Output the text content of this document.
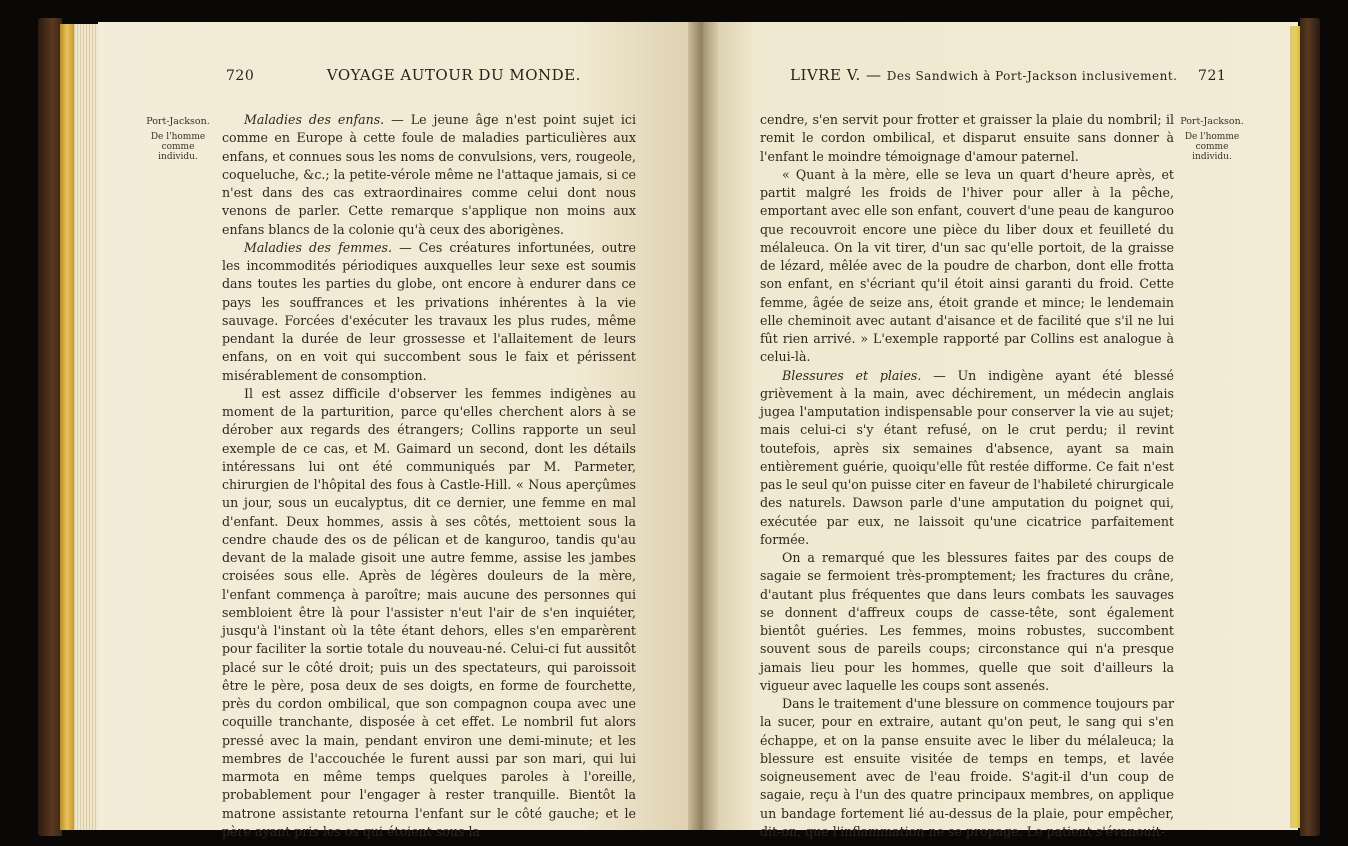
720	VOYAGE AUTOUR DU MONDE.
Port-Jackson.
De l'homme comme individu.

Maladies des enfans. — Le jeune âge n'est point sujet ici comme en Europe à cette foule de maladies particulières aux enfans, et connues sous les noms de convulsions, vers, rougeole, coqueluche, &c.; la petite-vérole même ne l'attaque jamais, si ce n'est dans des cas extraordinaires comme celui dont nous venons de parler. Cette remarque s'applique non moins aux enfans blancs de la colonie qu'à ceux des aborigènes.

Maladies des femmes. — Ces créatures infortunées, outre les incommodités périodiques auxquelles leur sexe est soumis dans toutes les parties du globe, ont encore à endurer dans ce pays les souffrances et les privations inhérentes à la vie sauvage. Forcées d'exécuter les travaux les plus rudes, même pendant la durée de leur grossesse et l'allaitement de leurs enfans, on en voit qui succombent sous le faix et périssent misérablement de consomption.

Il est assez difficile d'observer les femmes indigènes au moment de la parturition, parce qu'elles cherchent alors à se dérober aux regards des étrangers; Collins rapporte un seul exemple de ce cas, et M. Gaimard un second, dont les détails intéressans lui ont été communiqués par M. Parmeter, chirurgien de l'hôpital des fous à Castle-Hill. « Nous aperçûmes un jour, sous un eucalyptus, dit ce dernier, une femme en mal d'enfant. Deux hommes, assis à ses côtés, mettoient sous la cendre chaude des os de pélican et de kanguroo, tandis qu'au devant de la malade gisoit une autre femme, assise les jambes croisées sous elle. Après de légères douleurs de la mère, l'enfant commença à paroître; mais aucune des personnes qui sembloient être là pour l'assister n'eut l'air de s'en inquiéter, jusqu'à l'instant où la tête étant dehors, elles s'en emparèrent pour faciliter la sortie totale du nouveau-né. Celui-ci fut aussitôt placé sur le côté droit; puis un des spectateurs, qui paroissoit être le père, posa deux de ses doigts, en forme de fourchette, près du cordon ombilical, que son compagnon coupa avec une coquille tranchante, disposée à cet effet. Le nombril fut alors pressé avec la main, pendant environ une demi-minute; et les membres de l'accouchée le furent aussi par son mari, qui lui marmota en même temps quelques paroles à l'oreille, probablement pour l'engager à rester tranquille. Bientôt la matrone assistante retourna l'enfant sur le côté gauche; et le père ayant pris les os qui étoient sous la

LIVRE V. — Des Sandwich à Port-Jackson inclusivement. 721
Port-Jackson.
De l'homme comme individu.

cendre, s'en servit pour frotter et graisser la plaie du nombril; il remit le cordon ombilical, et disparut ensuite sans donner à l'enfant le moindre témoignage d'amour paternel.

« Quant à la mère, elle se leva un quart d'heure après, et partit malgré les froids de l'hiver pour aller à la pêche, emportant avec elle son enfant, couvert d'une peau de kanguroo que recouvroit encore une pièce du liber doux et feuilleté du mélaleuca. On la vit tirer, d'un sac qu'elle portoit, de la graisse de lézard, mêlée avec de la poudre de charbon, dont elle frotta son enfant, en s'écriant qu'il étoit ainsi garanti du froid. Cette femme, âgée de seize ans, étoit grande et mince; le lendemain elle cheminoit avec autant d'aisance et de facilité que s'il ne lui fût rien arrivé. » L'exemple rapporté par Collins est analogue à celui-là.

Blessures et plaies. — Un indigène ayant été blessé grièvement à la main, avec déchirement, un médecin anglais jugea l'amputation indispensable pour conserver la vie au sujet; mais celui-ci s'y étant refusé, on le crut perdu; il revint toutefois, après six semaines d'absence, ayant sa main entièrement guérie, quoiqu'elle fût restée difforme. Ce fait n'est pas le seul qu'on puisse citer en faveur de l'habileté chirurgicale des naturels. Dawson parle d'une amputation du poignet qui, exécutée par eux, ne laissoit qu'une cicatrice parfaitement formée.

On a remarqué que les blessures faites par des coups de sagaie se fermoient très-promptement; les fractures du crâne, d'autant plus fréquentes que dans leurs combats les sauvages se donnent d'affreux coups de casse-tête, sont également bientôt guéries. Les femmes, moins robustes, succombent souvent sous de pareils coups; circonstance qui n'a presque jamais lieu pour les hommes, quelle que soit d'ailleurs la vigueur avec laquelle les coups sont assenés.

Dans le traitement d'une blessure on commence toujours par la sucer, pour en extraire, autant qu'on peut, le sang qui s'en échappe, et on la panse ensuite avec le liber du mélaleuca; la blessure est ensuite visitée de temps en temps, et lavée soigneusement avec de l'eau froide. S'agit-il d'un coup de sagaie, reçu à l'un des quatre principaux membres, on applique un bandage fortement lié au-dessus de la plaie, pour empêcher, dit-on, que l'inflammation ne se propage. Le patient s'évanouit-
